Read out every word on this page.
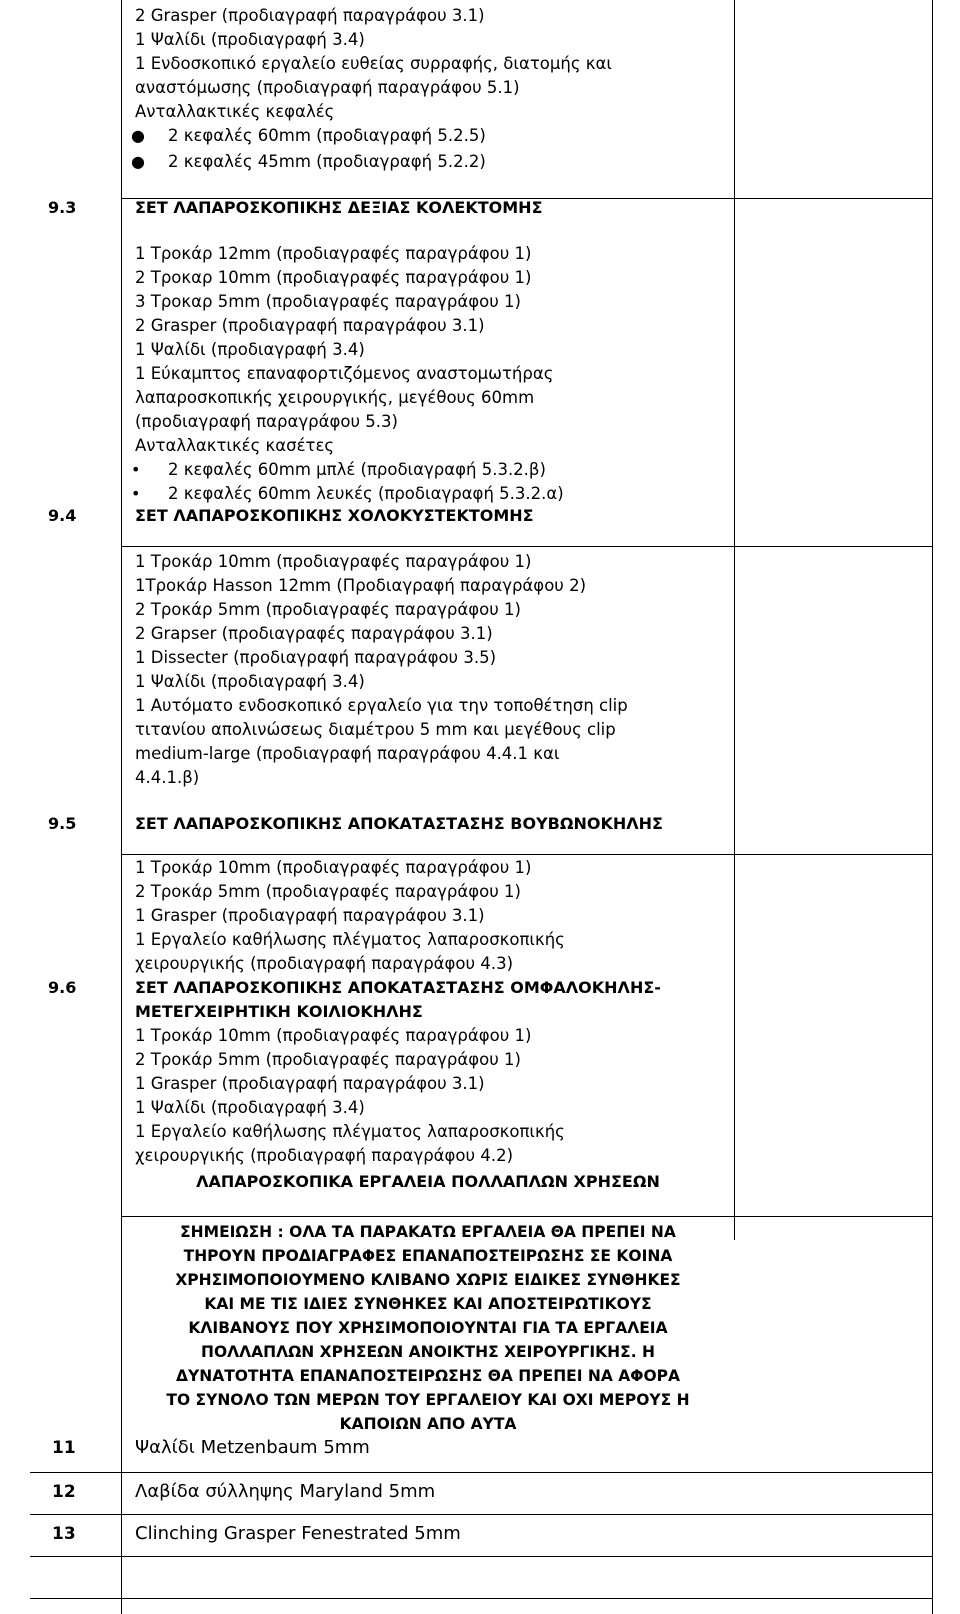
2 Grasper (προδιαγραφή παραγράφου 3.1)
1 Ψαλίδι (προδιαγραφή 3.4)
1 Ενδοσκοπικό εργαλείο ευθείας συρραφής, διατομής και
αναστόμωσης (προδιαγραφή παραγράφου 5.1)
Ανταλλακτικές κεφαλές
● 2 κεφαλές 60mm (προδιαγραφή 5.2.5)
● 2 κεφαλές 45mm (προδιαγραφή 5.2.2)
9.3	ΣΕΤ ΛΑΠΑΡΟΣΚΟΠΙΚΗΣ ΔΕΞΙΑΣ ΚΟΛΕΚΤΟΜΗΣ
1 Τροκάρ 12mm (προδιαγραφές παραγράφου 1)
2 Τροκαρ 10mm (προδιαγραφές παραγράφου 1)
3 Τροκαρ 5mm (προδιαγραφές παραγράφου 1)
2 Grasper (προδιαγραφή παραγράφου 3.1)
1 Ψαλίδι (προδιαγραφή 3.4)
1 Εύκαμπτος επαναφορτιζόμενος αναστομωτήρας
λαπαροσκοπικής χειρουργικής, μεγέθους 60mm
(προδιαγραφή παραγράφου 5.3)
Ανταλλακτικές κασέτες
• 2 κεφαλές 60mm μπλέ (προδιαγραφή 5.3.2.β)
• 2 κεφαλές 60mm λευκές (προδιαγραφή 5.3.2.α)
9.4	ΣΕΤ ΛΑΠΑΡΟΣΚΟΠΙΚΗΣ ΧΟΛΟΚΥΣΤΕΚΤΟΜΗΣ
1 Τροκάρ 10mm (προδιαγραφές παραγράφου 1)
1Τροκάρ Hasson 12mm (Προδιαγραφή παραγράφου 2)
2 Τροκάρ 5mm (προδιαγραφές παραγράφου 1)
2 Grapser (προδιαγραφές παραγράφου 3.1)
1 Dissecter (προδιαγραφή παραγράφου 3.5)
1 Ψαλίδι (προδιαγραφή 3.4)
1 Αυτόματο ενδοσκοπικό εργαλείο για την τοποθέτηση clip
τιτανίου απολινώσεως διαμέτρου 5 mm και μεγέθους clip
medium-large (προδιαγραφή παραγράφου 4.4.1 και
4.4.1.β)
9.5	ΣΕΤ ΛΑΠΑΡΟΣΚΟΠΙΚΗΣ ΑΠΟΚΑΤΑΣΤΑΣΗΣ ΒΟΥΒΩΝΟΚΗΛΗΣ
1 Τροκάρ 10mm (προδιαγραφές παραγράφου 1)
2 Τροκάρ 5mm (προδιαγραφές παραγράφου 1)
1 Grasper (προδιαγραφή παραγράφου 3.1)
1 Εργαλείο καθήλωσης πλέγματος λαπαροσκοπικής
χειρουργικής (προδιαγραφή παραγράφου 4.3)
9.6	ΣΕΤ ΛΑΠΑΡΟΣΚΟΠΙΚΗΣ ΑΠΟΚΑΤΑΣΤΑΣΗΣ ΟΜΦΑΛΟΚΗΛΗΣ-
ΜΕΤΕΓΧΕΙΡΗΤΙΚΗ ΚΟΙΛΙΟΚΗΛΗΣ
1 Τροκάρ 10mm (προδιαγραφές παραγράφου 1)
2 Τροκάρ 5mm (προδιαγραφές παραγράφου 1)
1 Grasper (προδιαγραφή παραγράφου 3.1)
1 Ψαλίδι (προδιαγραφή 3.4)
1 Εργαλείο καθήλωσης πλέγματος λαπαροσκοπικής
χειρουργικής (προδιαγραφή παραγράφου 4.2)
ΛΑΠΑΡΟΣΚΟΠΙΚΑ ΕΡΓΑΛΕΙΑ ΠΟΛΛΑΠΛΩΝ ΧΡΗΣΕΩΝ
ΣΗΜΕΙΩΣΗ : ΟΛΑ ΤΑ ΠΑΡΑΚΑΤΩ ΕΡΓΑΛΕΙΑ ΘΑ ΠΡΕΠΕΙ ΝΑ
ΤΗΡΟΥΝ ΠΡΟΔΙΑΓΡΑΦΕΣ ΕΠΑΝΑΠΟΣΤΕΙΡΩΣΗΣ ΣΕ ΚΟΙΝΑ
ΧΡΗΣΙΜΟΠΟΙΟΥΜΕΝΟ ΚΛΙΒΑΝΟ ΧΩΡΙΣ ΕΙΔΙΚΕΣ ΣΥΝΘΗΚΕΣ
ΚΑΙ ΜΕ ΤΙΣ ΙΔΙΕΣ ΣΥΝΘΗΚΕΣ ΚΑΙ ΑΠΟΣΤΕΙΡΩΤΙΚΟΥΣ
ΚΛΙΒΑΝΟΥΣ ΠΟΥ ΧΡΗΣΙΜΟΠΟΙΟΥΝΤΑΙ ΓΙΑ ΤΑ ΕΡΓΑΛΕΙΑ
ΠΟΛΛΑΠΛΩΝ ΧΡΗΣΕΩΝ ΑΝΟΙΚΤΗΣ ΧΕΙΡΟΥΡΓΙΚΗΣ. Η
ΔΥΝΑΤΟΤΗΤΑ ΕΠΑΝΑΠΟΣΤΕΙΡΩΣΗΣ ΘΑ ΠΡΕΠΕΙ ΝΑ ΑΦΟΡΑ
ΤΟ ΣΥΝΟΛΟ ΤΩΝ ΜΕΡΩΝ ΤΟΥ ΕΡΓΑΛΕΙΟΥ ΚΑΙ ΟΧΙ ΜΕΡΟΥΣ Η
ΚΑΠΟΙΩΝ ΑΠΟ ΑΥΤΑ
11	Ψαλίδι Metzenbaum 5mm
12	Λαβίδα σύλληψης Maryland 5mm
13	Clinching Grasper Fenestrated 5mm
